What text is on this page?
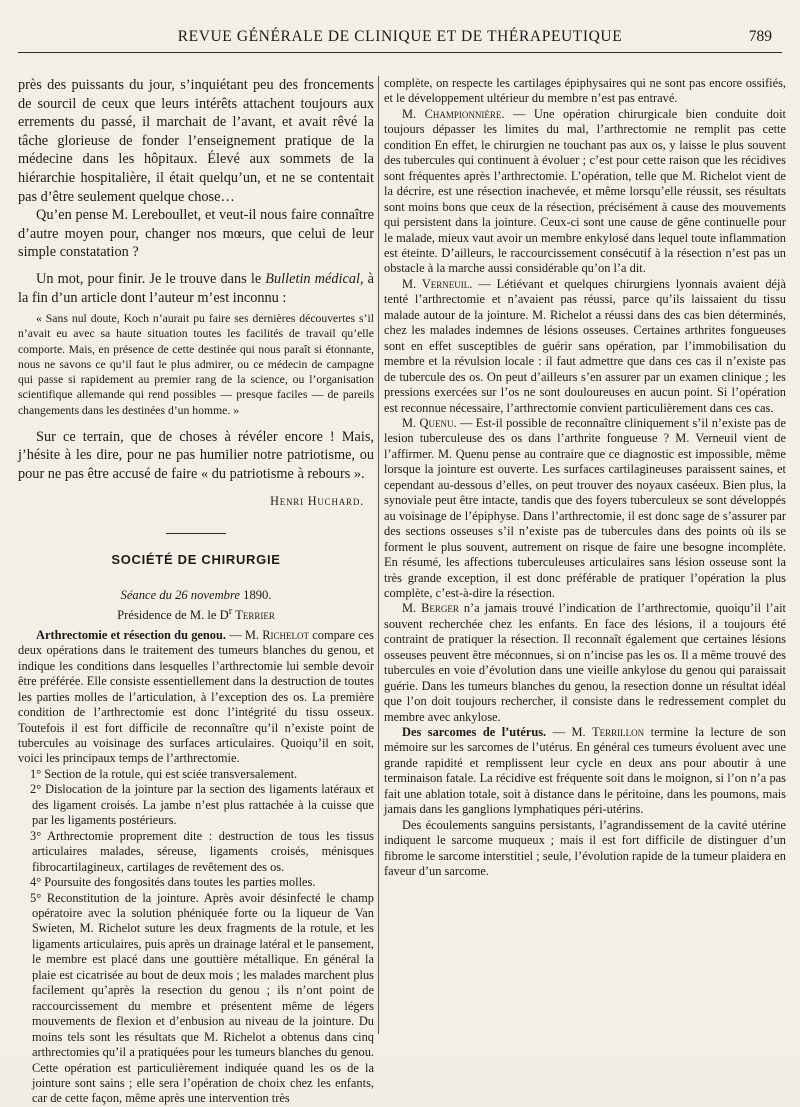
REVUE GÉNÉRALE DE CLINIQUE ET DE THÉRAPEUTIQUE	789

près des puissants du jour, s’inquiétant peu des froncements de sourcil de ceux que leurs intérêts attachent toujours aux errements du passé, il marchait de l’avant, et avait rêvé la tâche glorieuse de fonder l’enseignement pratique de la médecine dans les hôpitaux. Élevé aux sommets de la hiérarchie hospitalière, il était quelqu’un, et ne se contentait pas d’être seulement quelque chose…

Qu’en pense M. Lereboullet, et veut-il nous faire connaître d’autre moyen pour, changer nos mœurs, que celui de leur simple constatation ?

Un mot, pour finir. Je le trouve dans le Bulletin médical, à la fin d’un article dont l’auteur m’est inconnu :

« Sans nul doute, Koch n’aurait pu faire ses dernières découvertes s’il n’avait eu avec sa haute situation toutes les facilités de travail qu’elle comporte. Mais, en présence de cette destinée qui nous paraît si étonnante, nous ne savons ce qu’il faut le plus admirer, ou ce médecin de campagne qui passe si rapidement au premier rang de la science, ou l’organisation scientifique allemande qui rend possibles — presque faciles — de pareils changements dans les destinées d’un homme. »

Sur ce terrain, que de choses à révéler encore ! Mais, j’hésite à les dire, pour ne pas humilier notre patriotisme, ou pour ne pas être accusé de faire « du patriotisme à rebours ».

Henri Huchard.

SOCIÉTÉ DE CHIRURGIE
Séance du 26 novembre 1890.
Présidence de M. le $D^r$ Terrier

Arthrectomie et résection du genou. — M. Richelot compare ces deux opérations dans le traitement des tumeurs blanches du genou, et indique les conditions dans lesquelles l’arthrectomie lui semble devoir être préférée. Elle consiste essentiellement dans la destruction de toutes les parties molles de l’articulation, à l’exception des os. La première condition de l’arthrectomie est donc l’intégrité du tissu osseux. Toutefois il est fort difficile de reconnaître qu’il n’existe point de tubercules au voisinage des surfaces articulaires. Quoiqu’il en soit, voici les principaux temps de l’arthrectomie.

1° Section de la rotule, qui est sciée transversalement.

2° Dislocation de la jointure par la section des ligaments latéraux et des ligament croisés. La jambe n’est plus rattachée à la cuisse que par les ligaments postérieurs.

3° Arthrectomie proprement dite : destruction de tous les tissus articulaires malades, séreuse, ligaments croisés, ménisques fibrocartilagineux, cartilages de revêtement des os.

4° Poursuite des fongosités dans toutes les parties molles.

5° Reconstitution de la jointure. Après avoir désinfecté le champ opératoire avec la solution phéniquée forte ou la liqueur de Van Swieten, M. Richelot suture les deux fragments de la rotule, et les ligaments articulaires, puis après un drainage latéral et le pansement, le membre est placé dans une gouttière métallique. En général la plaie est cicatrisée au bout de deux mois ; les malades marchent plus facilement qu’après la resection du genou ; ils n’ont point de raccourcissement du membre et présentent même de légers mouvements de flexion et d’enbusion au niveau de la jointure. Du moins tels sont les résultats que M. Richelot a obtenus dans cinq arthrectomies qu’il a pratiquées pour les tumeurs blanches du genou. Cette opération est particulièrement indiquée quand les os de la jointure sont sains ; elle sera l’opération de choix chez les enfants, car de cette façon, même après une intervention très

complète, on respecte les cartilages épiphysaires qui ne sont pas encore ossifiés, et le développement ultérieur du membre n’est pas entravé.

M. Championnière. — Une opération chirurgicale bien conduite doit toujours dépasser les limites du mal, l’arthrectomie ne remplit pas cette condition En effet, le chirurgien ne touchant pas aux os, y laisse le plus souvent des tubercules qui continuent à évoluer ; c’est pour cette raison que les récidives sont fréquentes après l’arthrectomie. L’opération, telle que M. Richelot vient de la décrire, est une résection inachevée, et même lorsqu’elle réussit, ses résultats sont moins bons que ceux de la résection, précisément à cause des mouvements qui persistent dans la jointure. Ceux-ci sont une cause de gêne continuelle pour le malade, mieux vaut avoir un membre enkylosé dans lequel toute inflammation est éteinte. D’ailleurs, le raccourcissement consécutif à la résection n’est pas un obstacle à la marche aussi considérable qu’on l’a dit.

M. Verneuil. — Létiévant et quelques chirurgiens lyonnais avaient déjà tenté l’arthrectomie et n’avaient pas réussi, parce qu’ils laissaient du tissu malade autour de la jointure. M. Richelot a réussi dans des cas bien déterminés, chez les malades indemnes de lésions osseuses. Certaines arthrites fongueuses sont en effet susceptibles de guérir sans opération, par l’immobilisation du membre et la révulsion locale : il faut admettre que dans ces cas il n’existe pas de tubercule des os. On peut d’ailleurs s’en assurer par un examen clinique ; les pressions exercées sur l’os ne sont douloureuses en aucun point. Si l’opération est reconnue nécessaire, l’arthrectomie convient particulièrement dans ces cas.

M. Quenu. — Est-il possible de reconnaître cliniquement s’il n’existe pas de lesion tuberculeuse des os dans l’arthrite fongueuse ? M. Verneuil vient de l’affirmer. M. Quenu pense au contraire que ce diagnostic est impossible, même lorsque la jointure est ouverte. Les surfaces cartilagineuses paraissent saines, et cependant au-dessous d’elles, on peut trouver des noyaux caséeux. Bien plus, la synoviale peut être intacte, tandis que des foyers tuberculeux se sont développés au voisinage de l’épiphyse. Dans l’arthrectomie, il est donc sage de s’assurer par des sections osseuses s’il n’existe pas de tubercules dans des points où ils se forment le plus souvent, autrement on risque de faire une besogne incomplète. En résumé, les affections tuberculeuses articulaires sans lésion osseuse sont la très grande exception, il est donc préférable de pratiquer l’opération la plus complète, c’est-à-dire la résection.

M. Berger n’a jamais trouvé l’indication de l’arthrectomie, quoiqu’il l’ait souvent recherchée chez les enfants. En face des lésions, il a toujours été contraint de pratiquer la résection. Il reconnaît également que certaines lésions osseuses peuvent être méconnues, si on n’incise pas les os. Il a même trouvé des tubercules en voie d’évolution dans une vieille ankylose du genou qui paraissait guérie. Dans les tumeurs blanches du genou, la resection donne un résultat idéal que l’on doit toujours rechercher, il consiste dans le redressement complet du membre avec ankylose.

Des sarcomes de l’utérus. — M. Terrillon termine la lecture de son mémoire sur les sarcomes de l’utérus. En général ces tumeurs évoluent avec une grande rapidité et remplissent leur cycle en deux ans pour aboutir à une terminaison fatale. La récidive est fréquente soit dans le moignon, si l’on n’a pas fait une ablation totale, soit à distance dans le péritoine, dans les poumons, mais jamais dans les ganglions lymphatiques péri-utérins.

Des écoulements sanguins persistants, l’agrandissement de la cavité utérine indiquent le sarcome muqueux ; mais il est fort difficile de distinguer d’un fibrome le sarcome interstitiel ; seule, l’évolution rapide de la tumeur plaidera en faveur d’un sarcome.
